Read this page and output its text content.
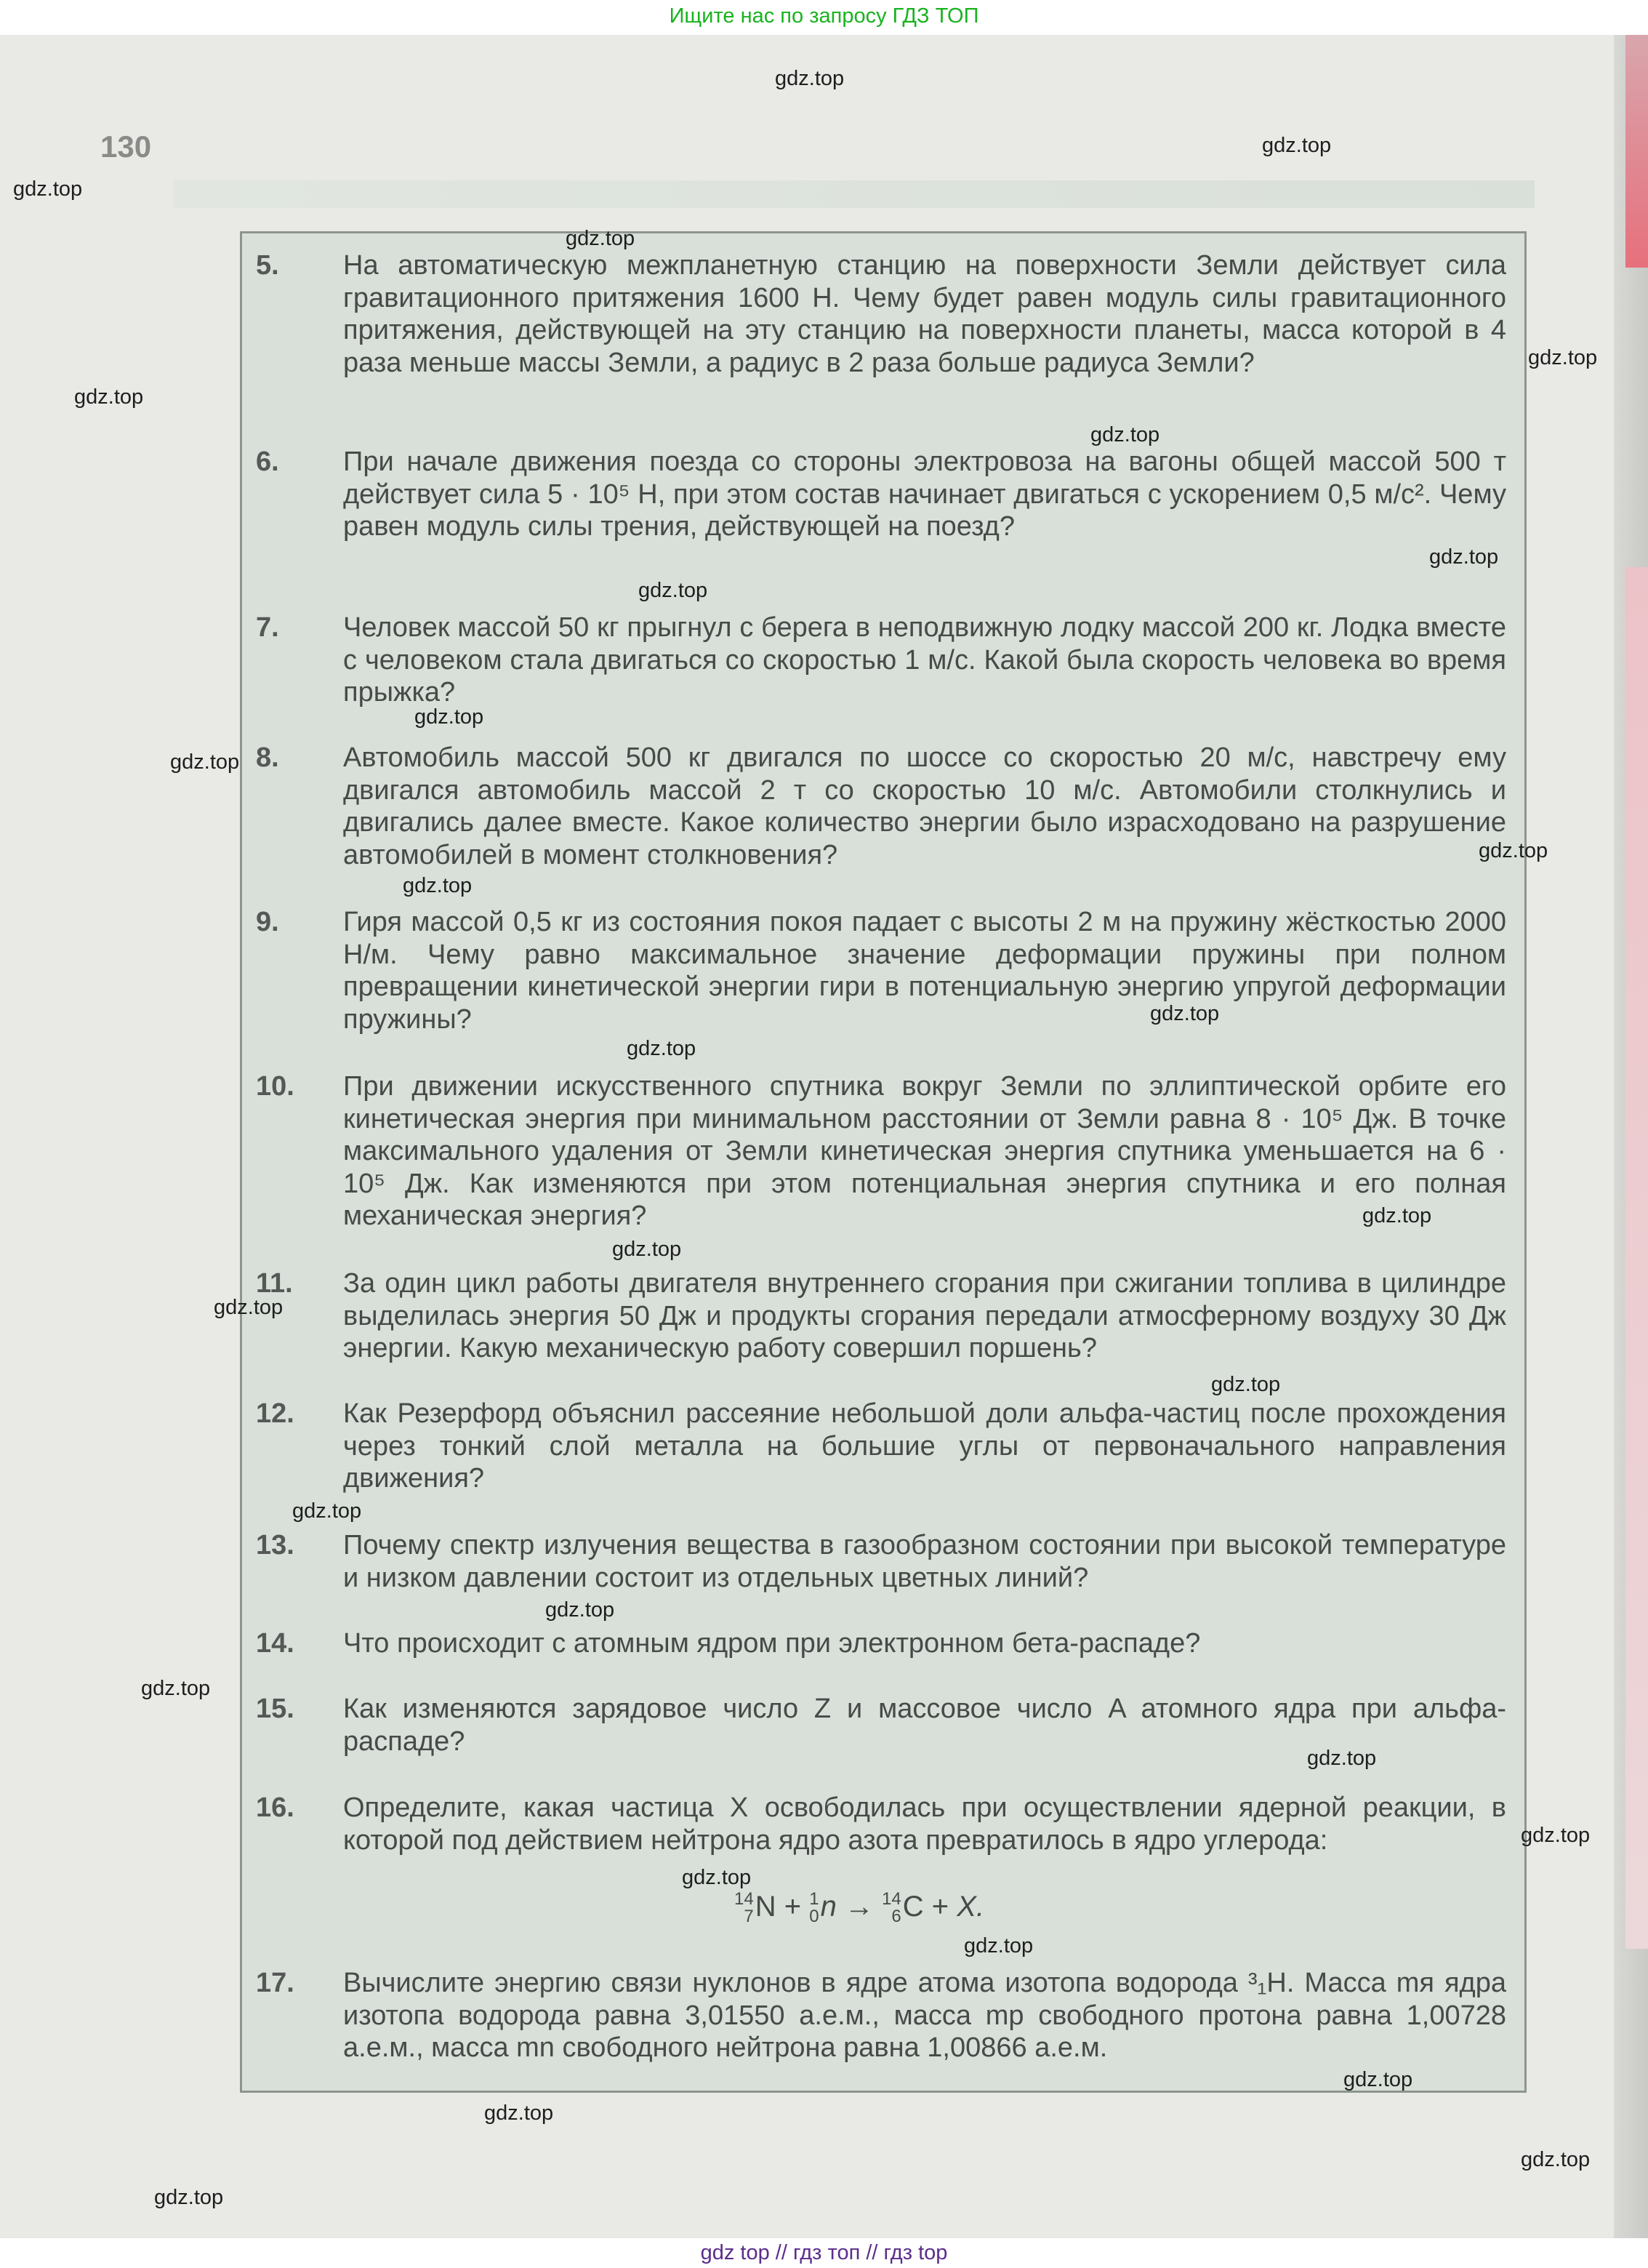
Ищите нас по запросу ГДЗ ТОП
130
5.	На автоматическую межпланетную станцию на поверхности Земли действует сила гравитационного притяжения 1600 Н. Чему будет равен модуль силы гравитационного притяжения, действующей на эту станцию на поверхности планеты, масса которой в 4 раза меньше массы Земли, а радиус в 2 раза больше радиуса Земли?
6.	При начале движения поезда со стороны электровоза на вагоны общей массой 500 т действует сила 5 · 10⁵ Н, при этом состав начинает двигаться с ускорением 0,5 м/с². Чему равен модуль силы трения, действующей на поезд?
7.	Человек массой 50 кг прыгнул с берега в неподвижную лодку массой 200 кг. Лодка вместе с человеком стала двигаться со скоростью 1 м/с. Какой была скорость человека во время прыжка?
8.	Автомобиль массой 500 кг двигался по шоссе со скоростью 20 м/с, навстречу ему двигался автомобиль массой 2 т со скоростью 10 м/с. Автомобили столкнулись и двигались далее вместе. Какое количество энергии было израсходовано на разрушение автомобилей в момент столкновения?
9.	Гиря массой 0,5 кг из состояния покоя падает с высоты 2 м на пружину жёсткостью 2000 Н/м. Чему равно максимальное значение деформации пружины при полном превращении кинетической энергии гири в потенциальную энергию упругой деформации пружины?
10.	При движении искусственного спутника вокруг Земли по эллиптической орбите его кинетическая энергия при минимальном расстоянии от Земли равна 8 · 10⁵ Дж. В точке максимального удаления от Земли кинетическая энергия спутника уменьшается на 6 · 10⁵ Дж. Как изменяются при этом потенциальная энергия спутника и его полная механическая энергия?
11.	За один цикл работы двигателя внутреннего сгорания при сжигании топлива в цилиндре выделилась энергия 50 Дж и продукты сгорания передали атмосферному воздуху 30 Дж энергии. Какую механическую работу совершил поршень?
12.	Как Резерфорд объяснил рассеяние небольшой доли альфа-частиц после прохождения через тонкий слой металла на большие углы от первоначального направления движения?
13.	Почему спектр излучения вещества в газообразном состоянии при высокой температуре и низком давлении состоит из отдельных цветных линий?
14.	Что происходит с атомным ядром при электронном бета-распаде?
15.	Как изменяются зарядовое число Z и массовое число A атомного ядра при альфа-распаде?
16.	Определите, какая частица X освободилась при осуществлении ядерной реакции, в которой под действием нейтрона ядро азота превратилось в ядро углерода:
14
7 N + 1
0 n → 14
6 C + X.
17.	Вычислите энергию связи нуклонов в ядре атома изотопа водорода ³₁H. Масса mя ядра изотопа водорода равна 3,01550 а.е.м., масса mp свободного протона равна 1,00728 а.е.м., масса mn свободного нейтрона равна 1,00866 а.е.м.
gdz.top
gdz.top
gdz.top
gdz.top
gdz.top
gdz.top
gdz.top
gdz.top
gdz.top
gdz.top
gdz.top
gdz.top
gdz.top
gdz.top
gdz.top
gdz.top
gdz.top
gdz.top
gdz.top
gdz.top
gdz.top
gdz.top
gdz.top
gdz.top
gdz.top
gdz.top
gdz.top
gdz.top
gdz.top
gdz.top
gdz top // гдз топ // гдз top
